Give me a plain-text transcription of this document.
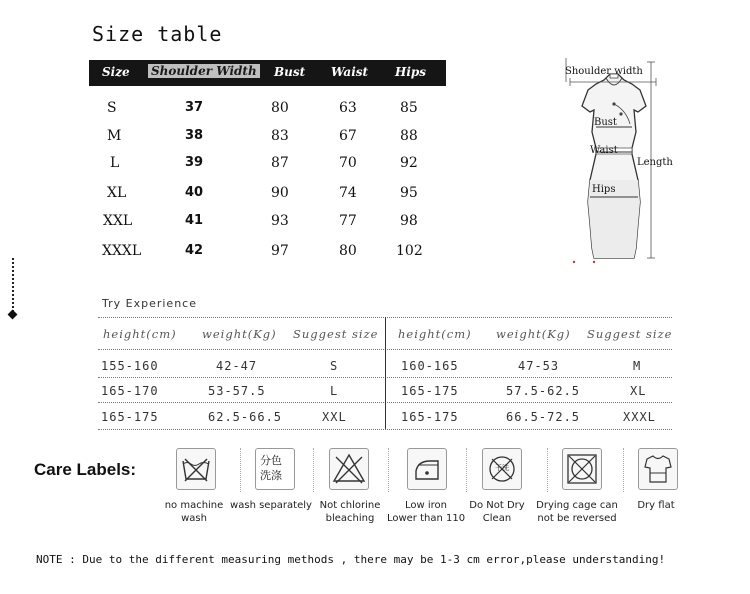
Size table
Size Shoulder Width Bust Waist Hips
S	37	80	63	85
M	38	83	67	88
L	39	87	70	92
XL	40	90	74	95
XXL	41	93	77	98
XXXL	42	97	80	102
Shoulder width
Bust
Waist
Hips
Length
Try Experience
height(cm) weight(Kg) Suggest size height(cm) weight(Kg) Suggest size
155-160	42-47	S	160-165	47-53	M
165-170	53-57.5	L	165-175	57.5-62.5	XL
165-175	62.5-66.5	XXL	165-175	66.5-72.5	XXXL
Care Labels:	分色
洗涤
干洗
no machine
wash
wash separately Not chlorine
bleaching
Low iron
Lower than 110
Do Not Dry
Clean
Drying cage can
not be reversed
Dry flat
NOTE : Due to the different measuring methods , there may be 1-3 cm error,please understanding!
